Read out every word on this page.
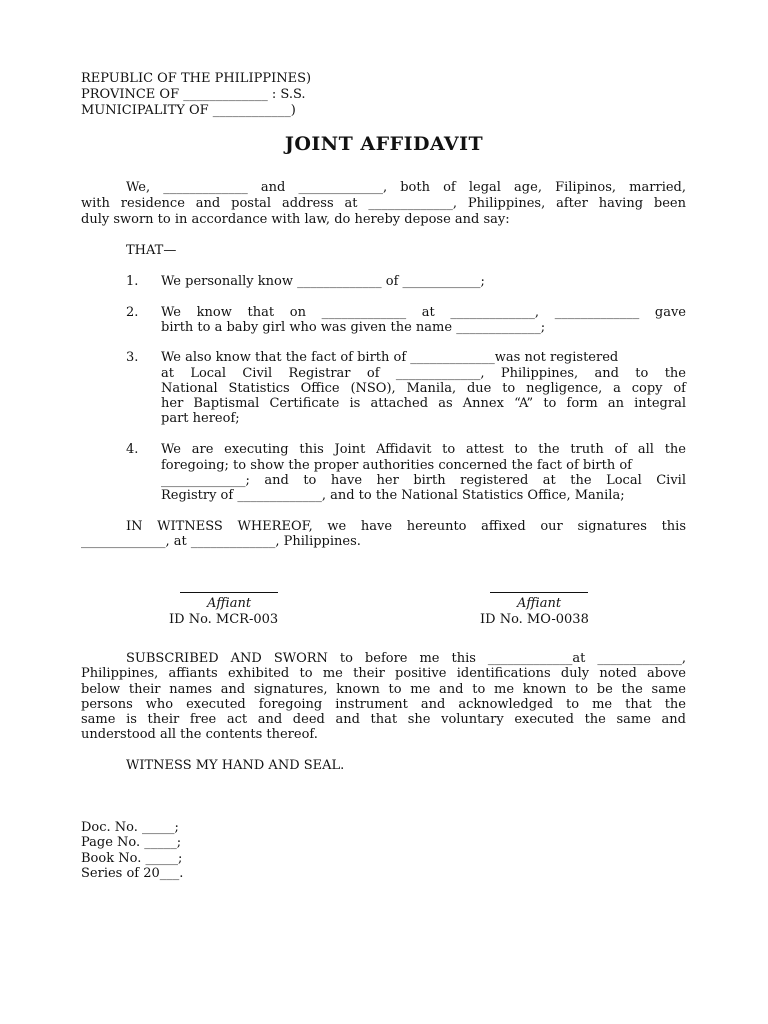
REPUBLIC OF THE PHILIPPINES)
PROVINCE OF _____________ : S.S.
MUNICIPALITY OF ____________)
JOINT AFFIDAVIT
We, _____________ and _____________, both of legal age, Filipinos, married,
with residence and postal address at _____________, Philippines, after having been
duly sworn to in accordance with law, do hereby depose and say:
THAT—
1. We personally know _____________ of ____________;
2. We know that on _____________ at _____________, _____________ gave
birth to a baby girl who was given the name _____________;
3. We also know that the fact of birth of _____________was not registered
at Local Civil Registrar of _____________, Philippines, and to the
National Statistics Office (NSO), Manila, due to negligence, a copy of
her Baptismal Certificate is attached as Annex “A” to form an integral
part hereof;
4. We are executing this Joint Affidavit to attest to the truth of all the
foregoing; to show the proper authorities concerned the fact of birth of
_____________; and to have her birth registered at the Local Civil
Registry of _____________, and to the National Statistics Office, Manila;
IN WITNESS WHEREOF, we have hereunto affixed our signatures this
_____________, at _____________, Philippines.
Affiant
ID No. MCR-003
Affiant
ID No. MO-0038
SUBSCRIBED AND SWORN to before me this _____________at _____________,
Philippines, affiants exhibited to me their positive identifications duly noted above
below their names and signatures, known to me and to me known to be the same
persons who executed foregoing instrument and acknowledged to me that the
same is their free act and deed and that she voluntary executed the same and
understood all the contents thereof.
WITNESS MY HAND AND SEAL.
Doc. No. _____;
Page No. _____;
Book No. _____;
Series of 20___.
